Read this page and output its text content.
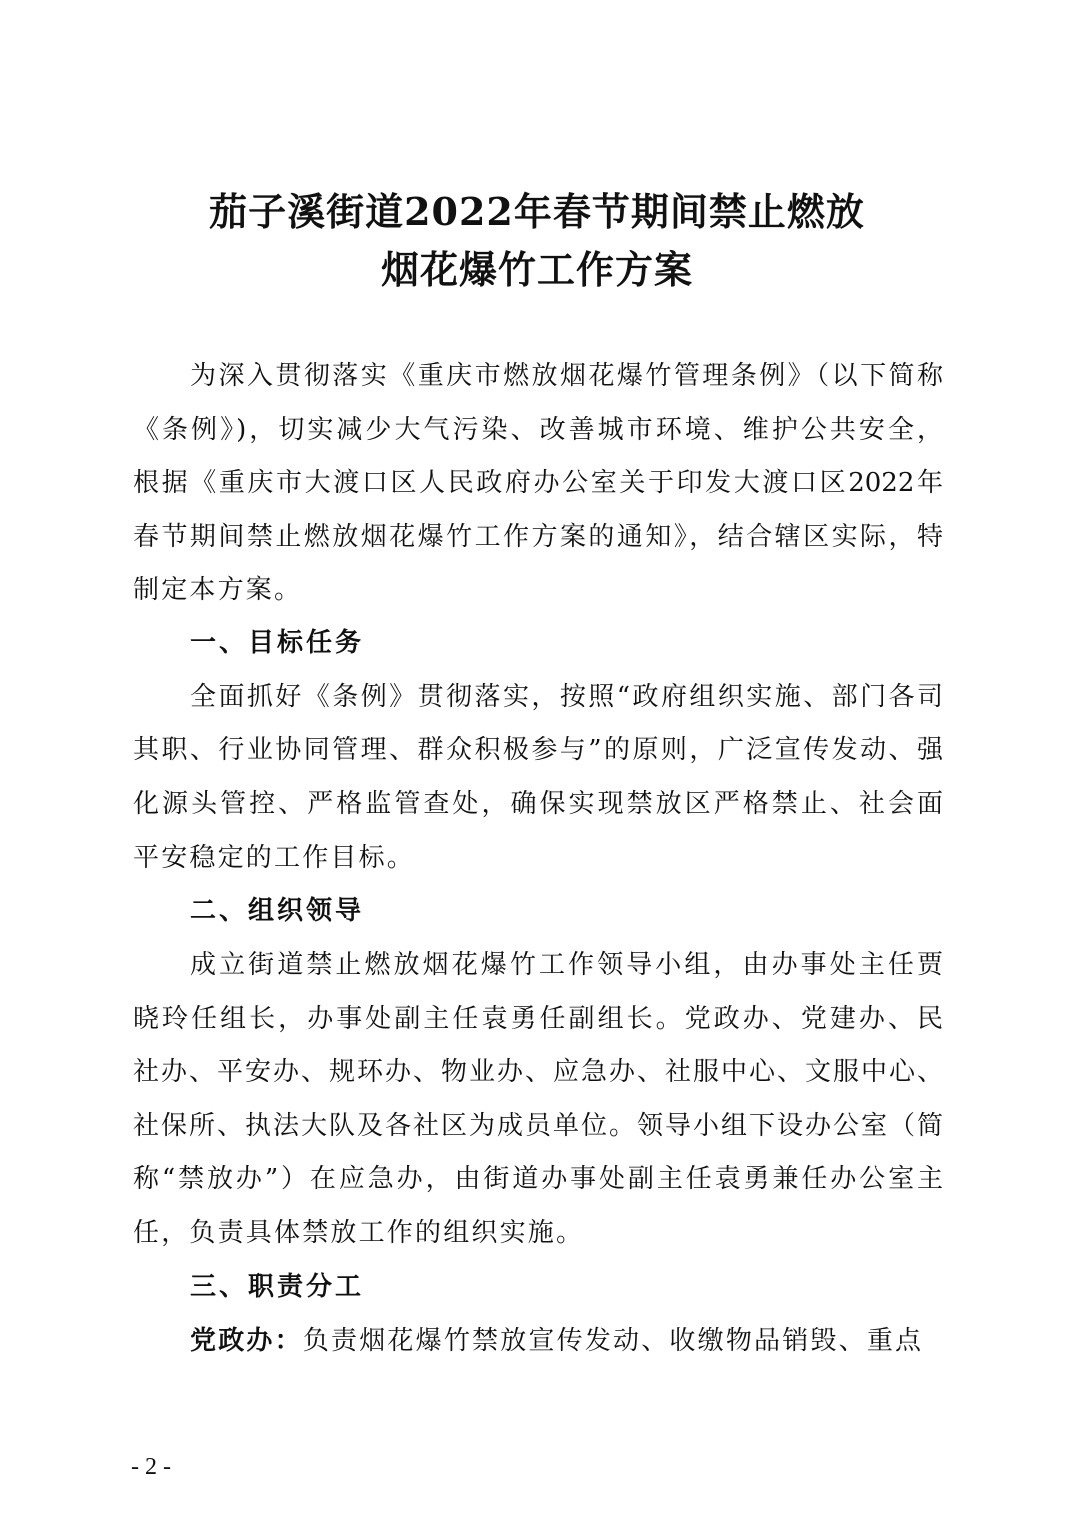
茄子溪街道2022年春节期间禁止燃放
烟花爆竹工作方案
为深入贯彻落实《重庆市燃放烟花爆竹管理条例》（以下简称
《条例》)，切实减少大气污染、改善城市环境、维护公共安全，
根据《重庆市大渡口区人民政府办公室关于印发大渡口区2022年
春节期间禁止燃放烟花爆竹工作方案的通知》，结合辖区实际，特
制定本方案。
一、目标任务
全面抓好《条例》贯彻落实，按照“政府组织实施、部门各司
其职、行业协同管理、群众积极参与”的原则，广泛宣传发动、强
化源头管控、严格监管查处，确保实现禁放区严格禁止、社会面
平安稳定的工作目标。
二、组织领导
成立街道禁止燃放烟花爆竹工作领导小组，由办事处主任贾
晓玲任组长，办事处副主任袁勇任副组长。党政办、党建办、民
社办、平安办、规环办、物业办、应急办、社服中心、文服中心、
社保所、执法大队及各社区为成员单位。领导小组下设办公室（简
称“禁放办”）在应急办，由街道办事处副主任袁勇兼任办公室主
任，负责具体禁放工作的组织实施。
三、职责分工
党政办：负责烟花爆竹禁放宣传发动、收缴物品销毁、重点
- 2 -
